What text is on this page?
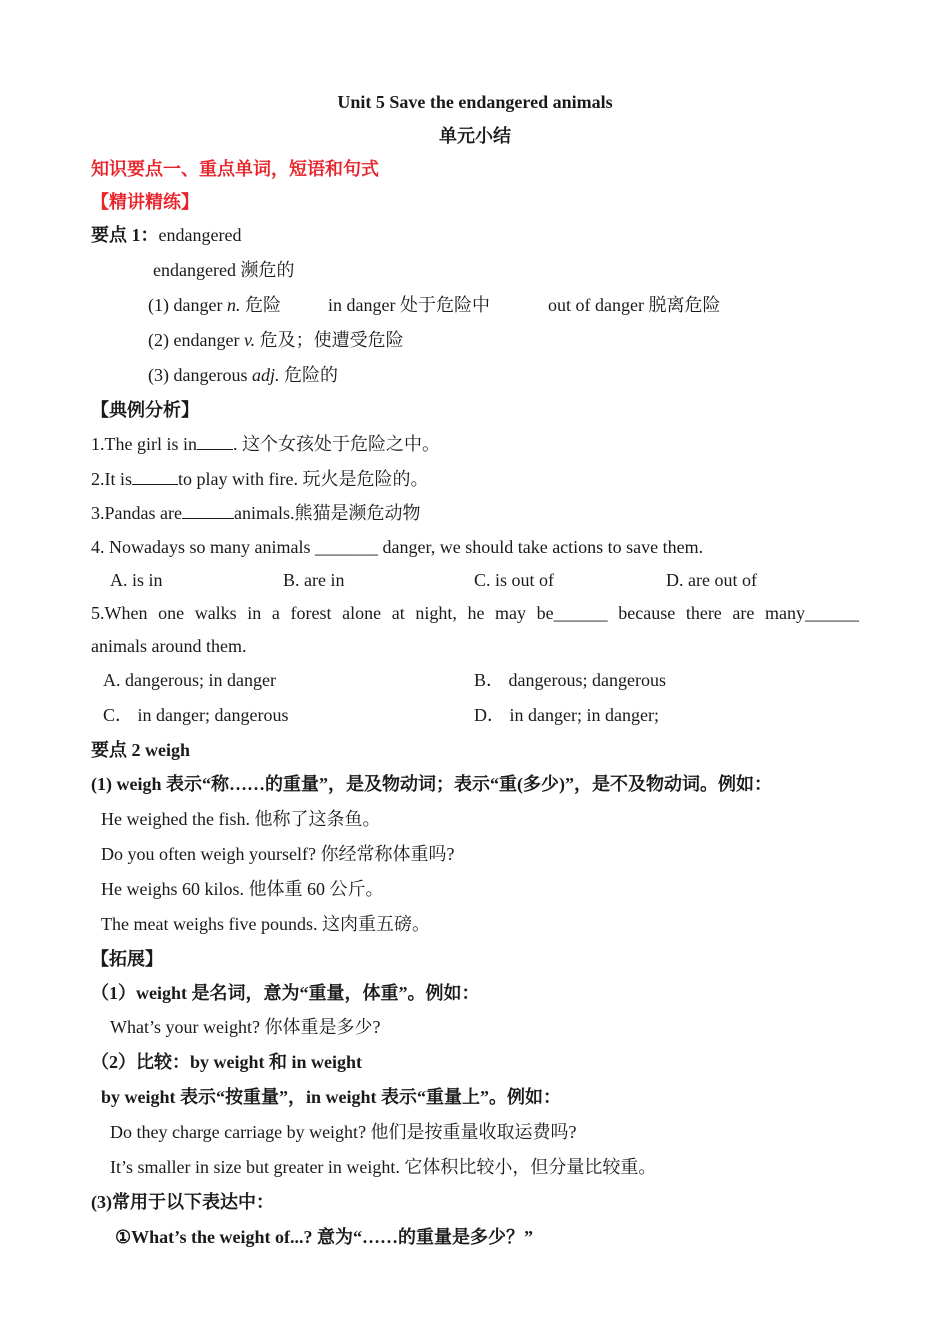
Unit 5 Save the endangered animals
单元小结
知识要点一、重点单词，短语和句式
【精讲精练】
要点 1：endangered
endangered 濒危的
(1) danger n. 危险	in danger 处于危险中	out of danger 脱离危险
(2) endanger v. 危及；使遭受危险
(3) dangerous adj. 危险的
【典例分析】
1.The girl is in . 这个女孩处于危险之中。
2.It is	to play with fire. 玩火是危险的。
3.Pandas are	animals.熊猫是濒危动物
4. Nowadays so many animals _______ danger, we should take actions to save them.
A. is in	B. are in	C. is out of	D. are out of
5.When one walks in a forest alone at night, he may be______ because there are many______
animals around them.
A. dangerous; in danger	B． dangerous; dangerous
C． in danger; dangerous	D． in danger; in danger;
要点 2 weigh
(1) weigh 表示“称……的重量”，是及物动词；表示“重(多少)”，是不及物动词。例如：
He weighed the fish. 他称了这条鱼。
Do you often weigh yourself? 你经常称体重吗?
He weighs 60 kilos. 他体重 60 公斤。
The meat weighs five pounds. 这肉重五磅。
【拓展】
（1）weight 是名词，意为“重量，体重”。例如：
What’s your weight? 你体重是多少?
（2）比较：by weight 和 in weight
by weight 表示“按重量”，in weight 表示“重量上”。例如：
Do they charge carriage by weight? 他们是按重量收取运费吗?
It’s smaller in size but greater in weight. 它体积比较小，但分量比较重。
(3)常用于以下表达中：
①What’s the weight of...? 意为“……的重量是多少？”
